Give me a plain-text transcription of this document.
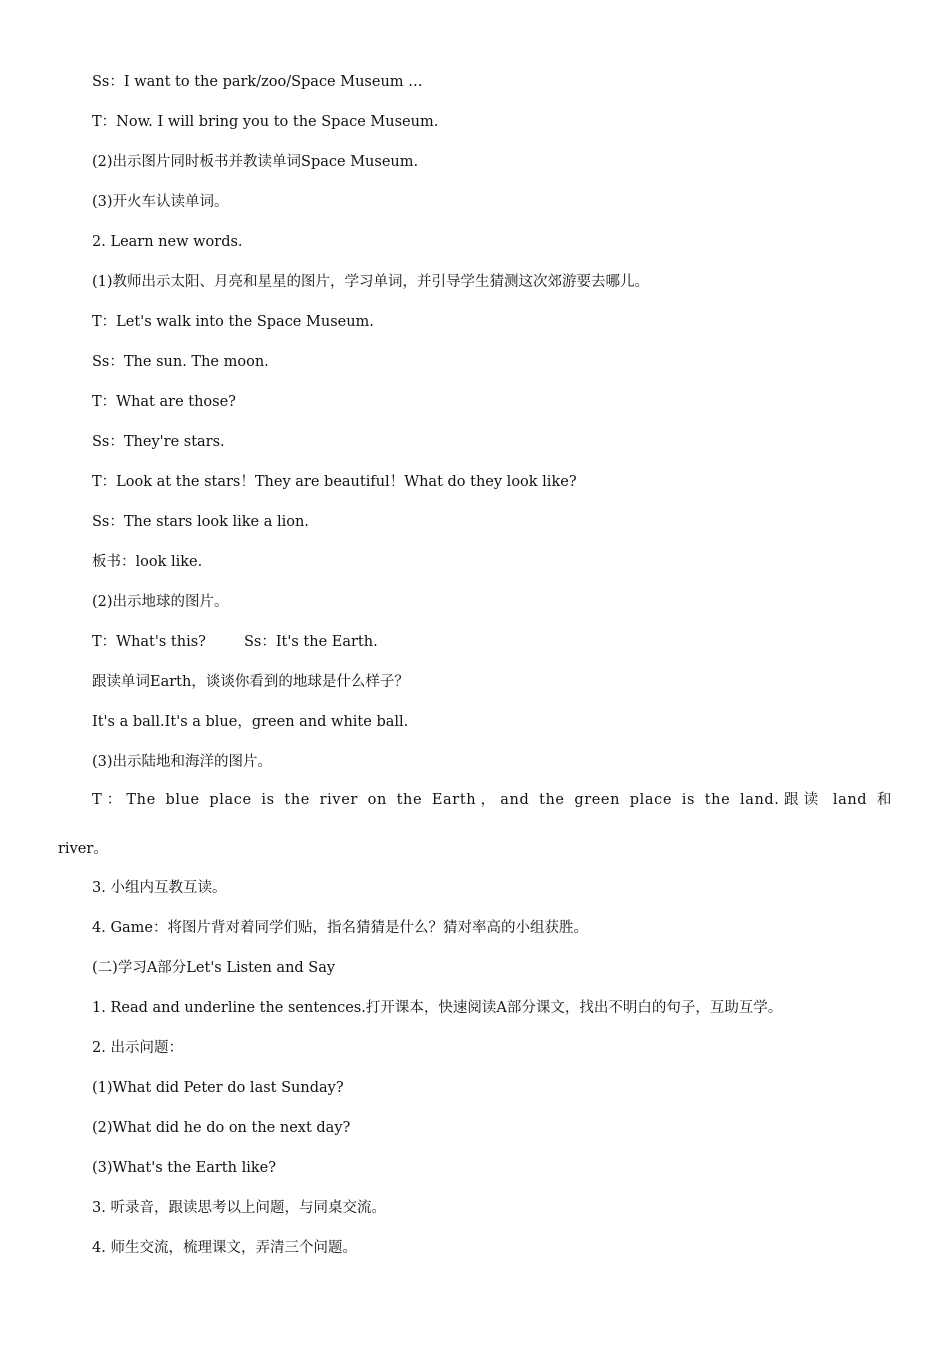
Ss：I want to the park/zoo/Space Museum …
T：Now. I will bring you to the Space Museum.
(2)出示图片同时板书并教读单词Space Museum.
(3)开火车认读单词。
2. Learn new words.
(1)教师出示太阳、月亮和星星的图片，学习单词，并引导学生猜测这次郊游要去哪儿。
T：Let's walk into the Space Museum.
Ss：The sun. The moon.
T：What are those?
Ss：They're stars.
T：Look at the stars！They are beautiful！What do they look like?
Ss：The stars look like a lion.
板书：look like.
(2)出示地球的图片。
T：What's this?	Ss：It's the Earth.
跟读单词Earth，谈谈你看到的地球是什么样子？
It's a ball.It's a blue，green and white ball.
(3)出示陆地和海洋的图片。
T：The blue place is the river on the Earth，and the green place is the land.跟读 land 和
river。
3. 小组内互教互读。
4. Game：将图片背对着同学们贴，指名猜猜是什么？猜对率高的小组获胜。
(二)学习A部分Let's Listen and Say
1. Read and underline the sentences.打开课本，快速阅读A部分课文，找出不明白的句子，互助互学。
2. 出示问题：
(1)What did Peter do last Sunday?
(2)What did he do on the next day?
(3)What's the Earth like?
3. 听录音，跟读思考以上问题，与同桌交流。
4. 师生交流，梳理课文，弄清三个问题。
